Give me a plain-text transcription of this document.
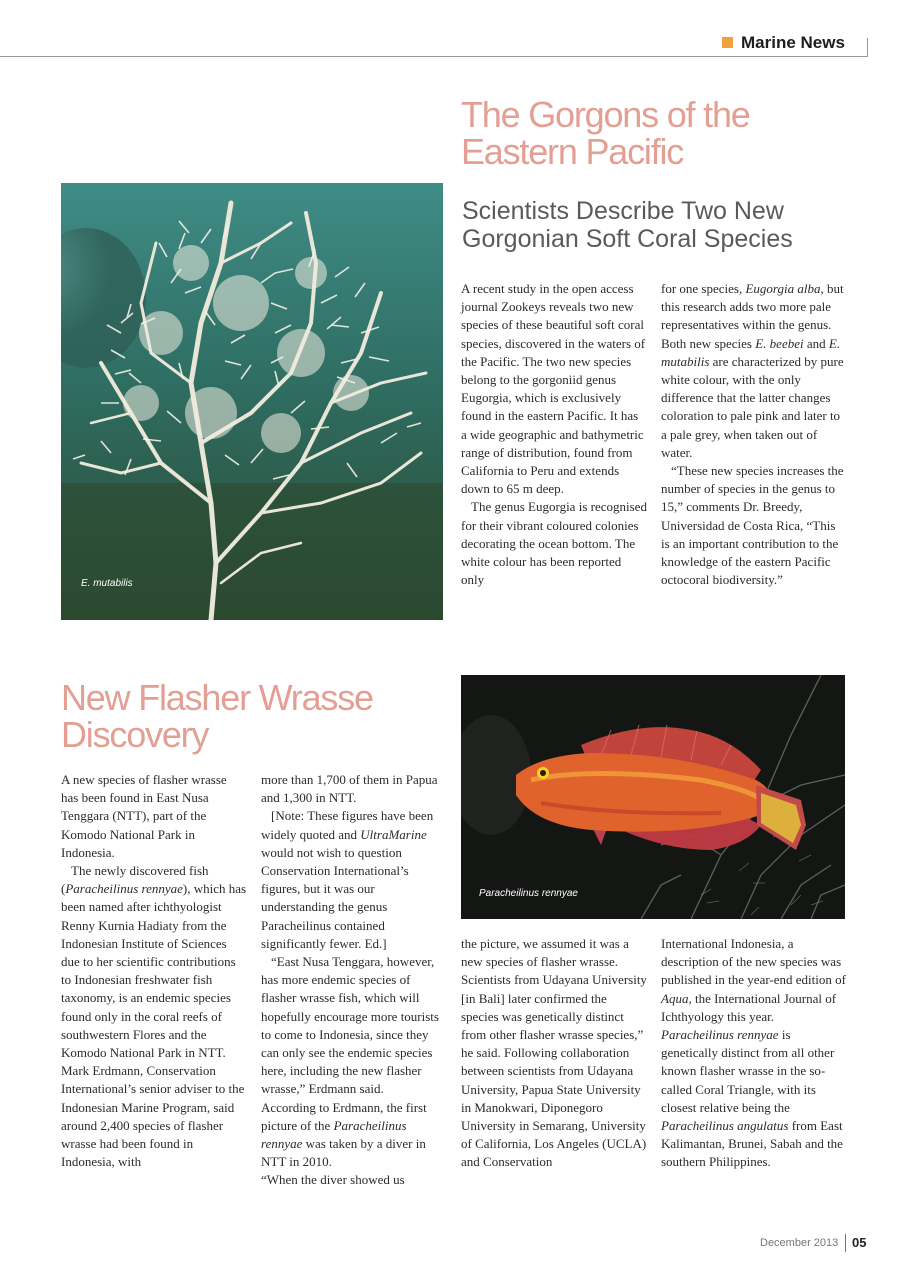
Marine News
The Gorgons of the
Eastern Pacific
Scientists Describe Two New
Gorgonian Soft Coral Species
E. mutabilis

A recent study in the open access journal Zookeys reveals two new species of these beautiful soft coral species, discovered in the waters of the Pacific. The two new species belong to the gorgoniid genus Eugorgia, which is exclusively found in the eastern Pacific. It has a wide geographic and bathymetric range of distribution, found from California to Peru and extends down to 65 m deep.

The genus Eugorgia is recognised for their vibrant coloured colonies decorating the ocean bottom. The white colour has been reported only

for one species, Eugorgia alba, but this research adds two more pale representatives within the genus. Both new species E. beebei and E. mutabilis are characterized by pure white colour, with the only difference that the latter changes coloration to pale pink and later to a pale grey, when taken out of water.

“These new species increases the number of species in the genus to 15,” comments Dr. Breedy, Universidad de Costa Rica, “This is an important contribution to the knowledge of the eastern Pacific octocoral biodiversity.”

New Flasher Wrasse
Discovery
Paracheilinus rennyae

A new species of flasher wrasse has been found in East Nusa Tenggara (NTT), part of the Komodo National Park in Indonesia.

The newly discovered fish (Paracheilinus rennyae), which has been named after ichthyologist Renny Kurnia Hadiaty from the Indonesian Institute of Sciences due to her scientific contributions to Indonesian freshwater fish taxonomy, is an endemic species found only in the coral reefs of southwestern Flores and the Komodo National Park in NTT.

Mark Erdmann, Conservation International’s senior adviser to the Indonesian Marine Program, said around 2,400 species of flasher wrasse had been found in Indonesia, with

more than 1,700 of them in Papua and 1,300 in NTT.

[Note: These figures have been widely quoted and UltraMarine would not wish to question Conservation International’s figures, but it was our understanding the genus Paracheilinus contained significantly fewer. Ed.]

“East Nusa Tenggara, however, has more endemic species of flasher wrasse fish, which will hopefully encourage more tourists to come to Indonesia, since they can only see the endemic species here, including the new flasher wrasse,” Erdmann said.

According to Erdmann, the first picture of the Paracheilinus rennyae was taken by a diver in NTT in 2010.

“When the diver showed us

the picture, we assumed it was a new species of flasher wrasse. Scientists from Udayana University [in Bali] later confirmed the species was genetically distinct from other flasher wrasse species,” he said. Following collaboration between scientists from Udayana University, Papua State University in Manokwari, Diponegoro University in Semarang, University of California, Los Angeles (UCLA) and Conservation

International Indonesia, a description of the new species was published in the year-end edition of Aqua, the International Journal of Ichthyology this year.

Paracheilinus rennyae is genetically distinct from all other known flasher wrasse in the so-called Coral Triangle, with its closest relative being the Paracheilinus angulatus from East Kalimantan, Brunei, Sabah and the southern Philippines.

December 2013 05
